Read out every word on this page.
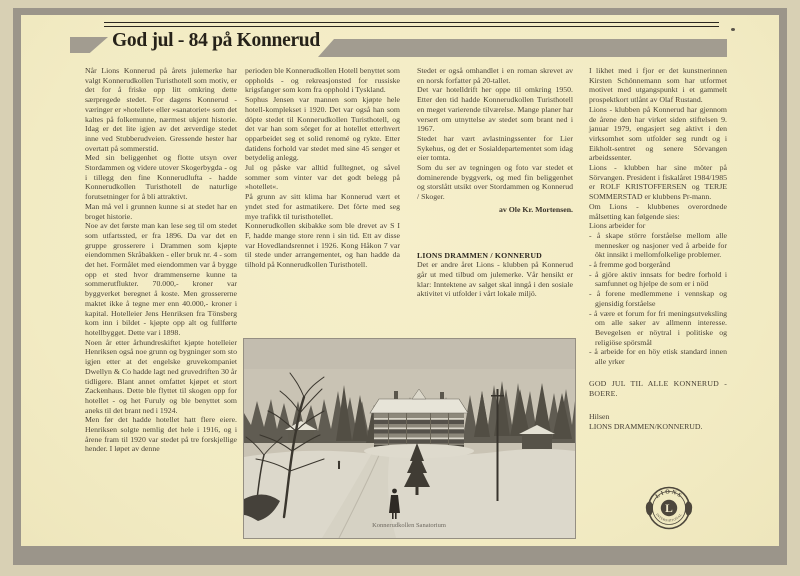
God jul - 84 på Konnerud

Når Lions Konnerud på årets julemerke har valgt Konnerudkollen Turisthotell som motiv, er det for å friske opp litt omkring dette særpregede stedet. For dagens Konnerud - væringer er »hotellet« eller »sanatoriet« som det kaltes på folkemunne, nærmest ukjent historie. Idag er det lite igjen av det ærverdige stedet inne ved Stubberudveien. Gressende hester har overtatt på sommerstid.

Med sin beliggenhet og flotte utsyn over Stordammen og videre utover Skogerbygda - og i tillegg den fine Konnerudlufta - hadde Konnerudkollen Turisthotell de naturlige forutsetninger for å bli attraktivt.

Man må vel i grunnen kunne si at stedet har en broget historie.

Noe av det første man kan lese seg til om stedet som utfartssted, er fra 1896. Da var det en gruppe grosserere i Drammen som kjøpte eiendommen Skråbakken - eller bruk nr. 4 - som det het. Formålet med eiendommen var å bygge opp et sted hvor drammenserne kunne ta sommerutflukter. 70.000,- kroner var byggverket beregnet å koste. Men grossererne maktet ikke å tegne mer enn 40.000,- kroner i kapital. Hotelleier Jens Henriksen fra Tönsberg kom inn i bildet - kjøpte opp alt og fullførte hotellbygget. Dette var i 1898.

Noen år etter århundreskiftet kjøpte hotelleier Henriksen også noe grunn og bygninger som sto igjen etter at det engelske gruvekompaniet Dwellyn & Co hadde lagt ned gruvedriften 30 år tidligere. Blant annet omfattet kjøpet et stort Zackenhaus. Dette ble flyttet til skogen opp for hotellet - og het Furuly og ble benyttet som aneks til det brant ned i 1924.

Men før det hadde hotellet hatt flere eiere. Henriksen solgte nemlig det hele i 1916, og i årene fram til 1920 var stedet på tre forskjellige hender. I løpet av denne

perioden ble Konnerudkollen Hotell benyttet som oppholds - og rekreasjonsted for russiske krigsfanger som kom fra opphold i Tyskland.

Sophus Jensen var mannen som kjøpte hele hotell-komplekset i 1920. Det var også han som döpte stedet til Konnerudkollen Turisthotell, og det var han som sörget for at hotellet etterhvert opparbeidet seg et solid renomé og rykte. Etter datidens forhold var stedet med sine 45 senger et betydelig anlegg.

Jul og påske var alltid fulltegnet, og såvel sommer som vinter var det godt belegg på »hotellet«.

På grunn av sitt klima har Konnerud vært et yndet sted for astmatikere. Det förte med seg mye trafikk til turisthotellet.

Konnerudkollen skibakke som ble drevet av S I F, hadde mange store renn i sin tid. Ett av disse var Hovedlandsrennet i 1926. Kong Håkon 7 var til stede under arrangementet, og han hadde da tilhold på Konnerudkollen Turisthotell.

Stedet er også omhandlet i en roman skrevet av en norsk forfatter på 20-tallet.

Det var hotelldrift her oppe til omkring 1950. Etter den tid hadde Konnerudkollen Turisthotell en meget varierende tilværelse. Mange planer har versert om utnyttelse av stedet som brant ned i 1967.

Stedet har vært avlastningssenter for Lier Sykehus, og det er Sosialdepartementet som idag eier tomta.

Som du ser av tegningen og foto var stedet et dominerende byggverk, og med fin beliggenhet og storslått utsikt over Stordammen og Konnerud / Skoger.

av Ole Kr. Mortensen.

LIONS DRAMMEN / KONNERUD

Det er andre året Lions - klubben på Konnerud går ut med tilbud om julemerke. Vår hensikt er klar: Inntektene av salget skal inngå i den sosiale aktivitet vi utfolder i vårt lokale miljö.

I likhet med i fjor er det kunstnerinnen Kirsten Schönnemann som har utformet motivet med utgangspunkt i et gammelt prospektkort utlånt av Olaf Rustand.

Lions - klubben på Konnerud har gjennom de årene den har virket siden stiftelsen 9. januar 1979, engasjert seg aktivt i den virksomhet som utfolder seg rundt og i Eikholt-sentret og senere Sörvangen arbeidssenter.

Lions - klubben har sine möter på Sörvangen. President i fiskalåret 1984/1985 er ROLF KRISTOFFERSEN og TERJE SOMMERSTAD er klubbens Pr-mann.

Om Lions - klubbenes overordnede målsetting kan følgende sies:

Lions arbeider for

- å skape större forståelse mellom alle mennesker og nasjoner ved å arbeide for ökt innsikt i mellomfolkelige problemer.

- å fremme god borgerånd

- å gjöre aktiv innsats for bedre forhold i samfunnet og hjelpe de som er i nöd

- å forene medlemmene i vennskap og gjensidig forståelse

- å være et forum for fri meningsutveksling om alle saker av allmenn interesse. Bevegelsen er nöytral i politiske og religiöse spörsmål

- å arbeide for en höy etisk standard innen alle yrker

GOD JUL TIL ALLE KONNERUD - BOERE.

Hilsen

LIONS DRAMMEN/KONNERUD.

Konnerudkollen Sanatorium
LIONS
INTERNATIONAL
L
